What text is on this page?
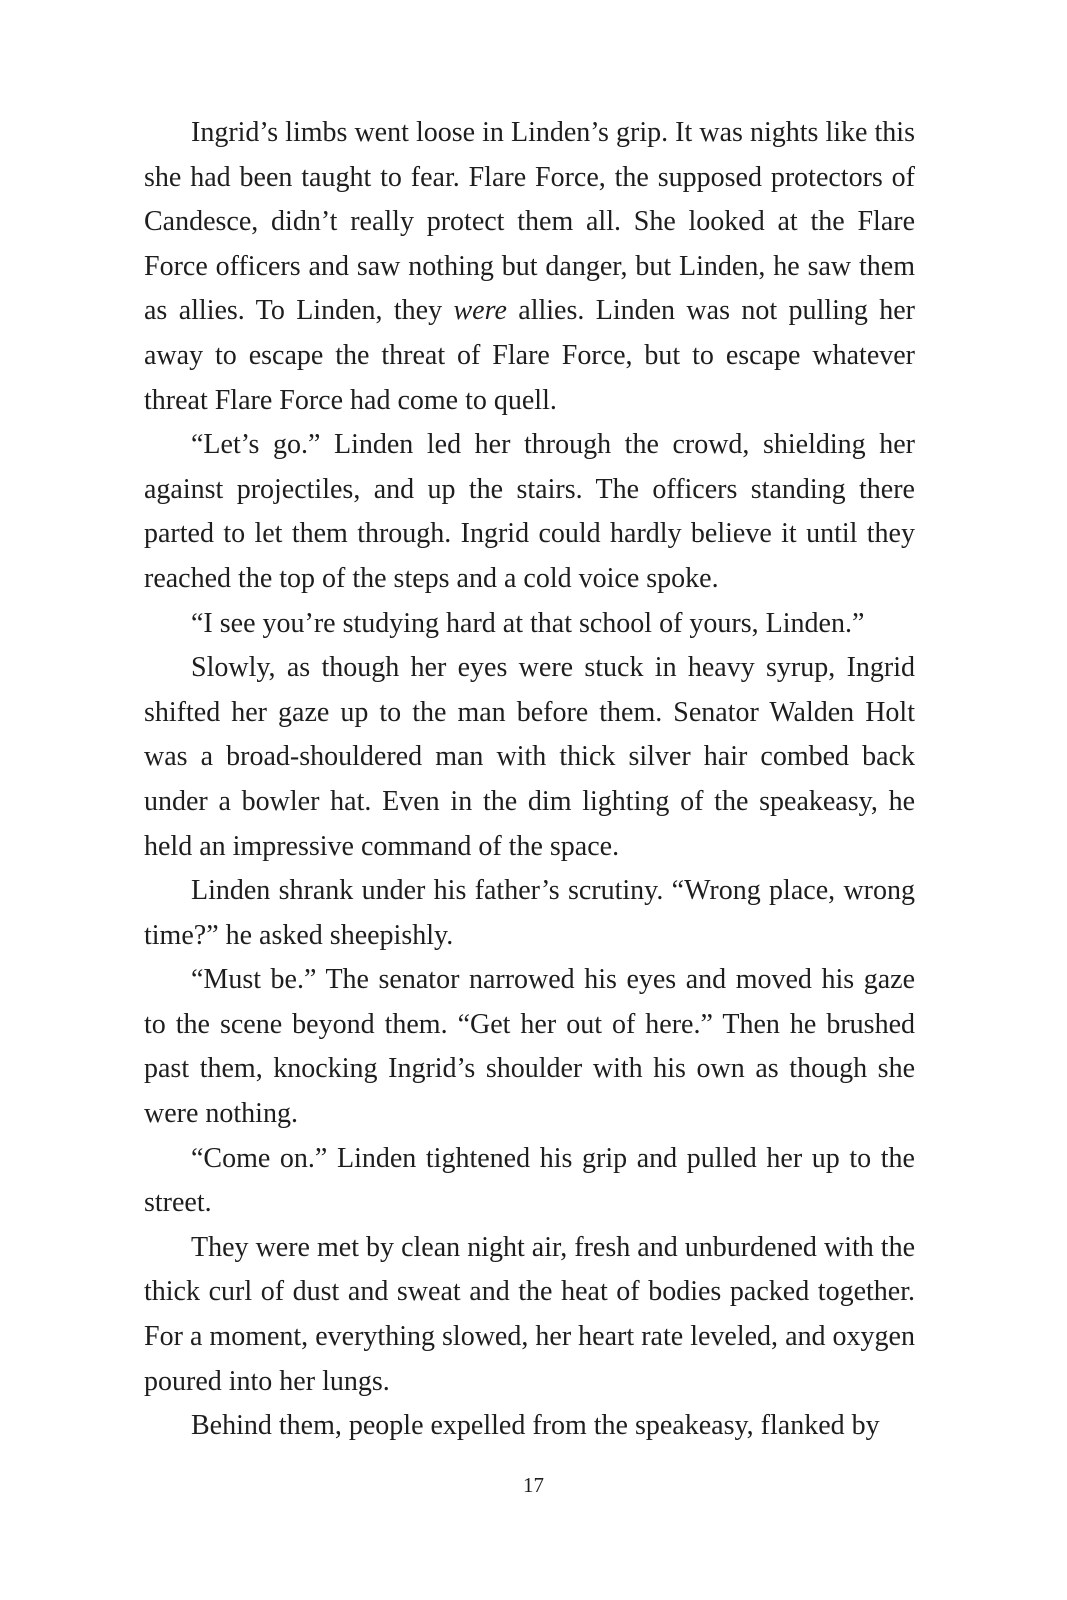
Ingrid’s limbs went loose in Linden’s grip. It was nights like this she had been taught to fear. Flare Force, the supposed protectors of Candesce, didn’t really protect them all. She looked at the Flare Force officers and saw nothing but danger, but Linden, he saw them as allies. To Linden, they were allies. Linden was not pulling her away to escape the threat of Flare Force, but to escape whatever threat Flare Force had come to quell.

“Let’s go.” Linden led her through the crowd, shielding her against projectiles, and up the stairs. The officers standing there parted to let them through. Ingrid could hardly believe it until they reached the top of the steps and a cold voice spoke.

“I see you’re studying hard at that school of yours, Linden.”

Slowly, as though her eyes were stuck in heavy syrup, Ingrid shifted her gaze up to the man before them. Senator Walden Holt was a broad-shouldered man with thick silver hair combed back under a bowler hat. Even in the dim lighting of the speakeasy, he held an impressive command of the space.

Linden shrank under his father’s scrutiny. “Wrong place, wrong time?” he asked sheepishly.

“Must be.” The senator narrowed his eyes and moved his gaze to the scene beyond them. “Get her out of here.” Then he brushed past them, knocking Ingrid’s shoulder with his own as though she were nothing.

“Come on.” Linden tightened his grip and pulled her up to the street.

They were met by clean night air, fresh and unburdened with the thick curl of dust and sweat and the heat of bodies packed together. For a moment, everything slowed, her heart rate leveled, and oxygen poured into her lungs.

Behind them, people expelled from the speakeasy, flanked by

17
